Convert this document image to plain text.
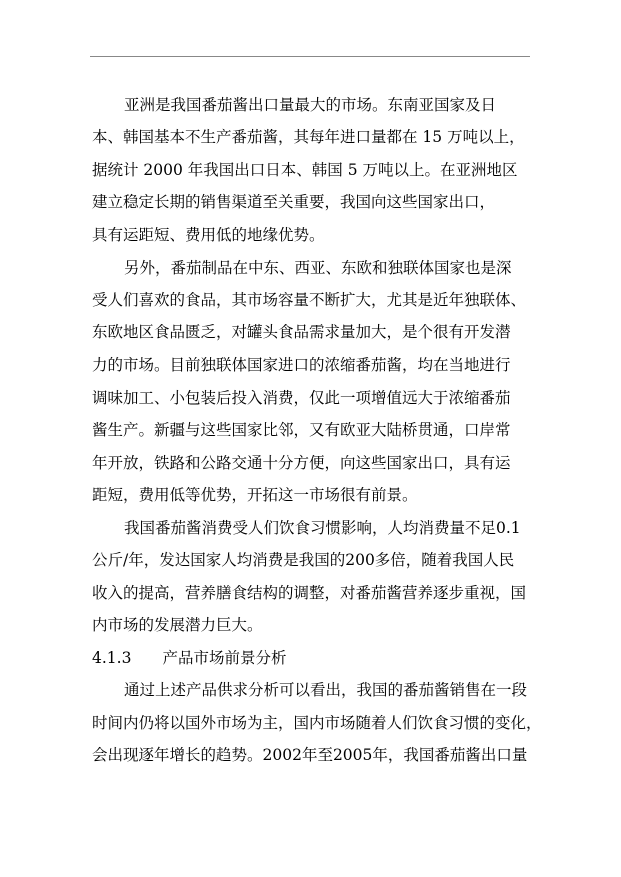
亚洲是我国番茄酱出口量最大的市场。东南亚国家及日
本、韩国基本不生产番茄酱，其每年进口量都在 15 万吨以上，
据统计 2000 年我国出口日本、韩国 5 万吨以上。在亚洲地区
建立稳定长期的销售渠道至关重要，我国向这些国家出口，
具有运距短、费用低的地缘优势。
另外，番茄制品在中东、西亚、东欧和独联体国家也是深
受人们喜欢的食品，其市场容量不断扩大，尤其是近年独联体、
东欧地区食品匮乏，对罐头食品需求量加大，是个很有开发潜
力的市场。目前独联体国家进口的浓缩番茄酱，均在当地进行
调味加工、小包装后投入消费，仅此一项增值远大于浓缩番茄
酱生产。新疆与这些国家比邻，又有欧亚大陆桥贯通，口岸常
年开放，铁路和公路交通十分方便，向这些国家出口，具有运
距短，费用低等优势，开拓这一市场很有前景。
我国番茄酱消费受人们饮食习惯影响，人均消费量不足0.1
公斤/年，发达国家人均消费是我国的200多倍，随着我国人民
收入的提高，营养膳食结构的调整，对番茄酱营养逐步重视，国
内市场的发展潜力巨大。
4.1.3　　产品市场前景分析
通过上述产品供求分析可以看出，我国的番茄酱销售在一段
时间内仍将以国外市场为主，国内市场随着人们饮食习惯的变化，
会出现逐年增长的趋势。2002年至2005年，我国番茄酱出口量
